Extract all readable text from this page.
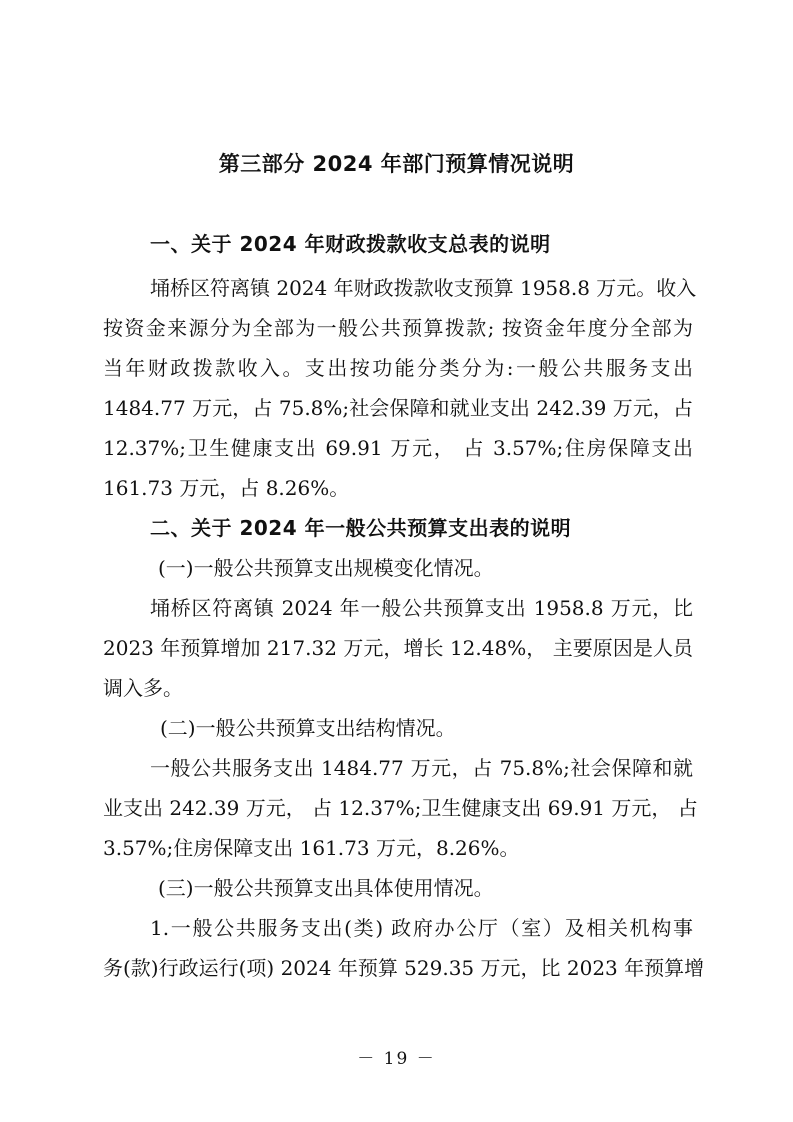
第三部分 2024 年部门预算情况说明
一、关于 2024 年财政拨款收支总表的说明
埇桥区符离镇 2024 年财政拨款收支预算 1958.8 万元。收入
按资金来源分为全部为一般公共预算拨款; 按资金年度分全部为
当年财政拨款收入。支出按功能分类分为:一般公共服务支出
1484.77 万元，占 75.8%;社会保障和就业支出 242.39 万元，占
12.37%;卫生健康支出 69.91 万元， 占 3.57%;住房保障支出
161.73 万元，占 8.26%。
二、关于 2024 年一般公共预算支出表的说明
(一)一般公共预算支出规模变化情况。
埇桥区符离镇 2024 年一般公共预算支出 1958.8 万元，比
2023 年预算增加 217.32 万元，增长 12.48%， 主要原因是人员
调入多。
(二)一般公共预算支出结构情况。
一般公共服务支出 1484.77 万元，占 75.8%;社会保障和就
业支出 242.39 万元， 占 12.37%;卫生健康支出 69.91 万元， 占
3.57%;住房保障支出 161.73 万元，8.26%。
(三)一般公共预算支出具体使用情况。
1.一般公共服务支出(类) 政府办公厅（室）及相关机构事
务(款)行政运行(项) 2024 年预算 529.35 万元，比 2023 年预算增
－ 19 －
